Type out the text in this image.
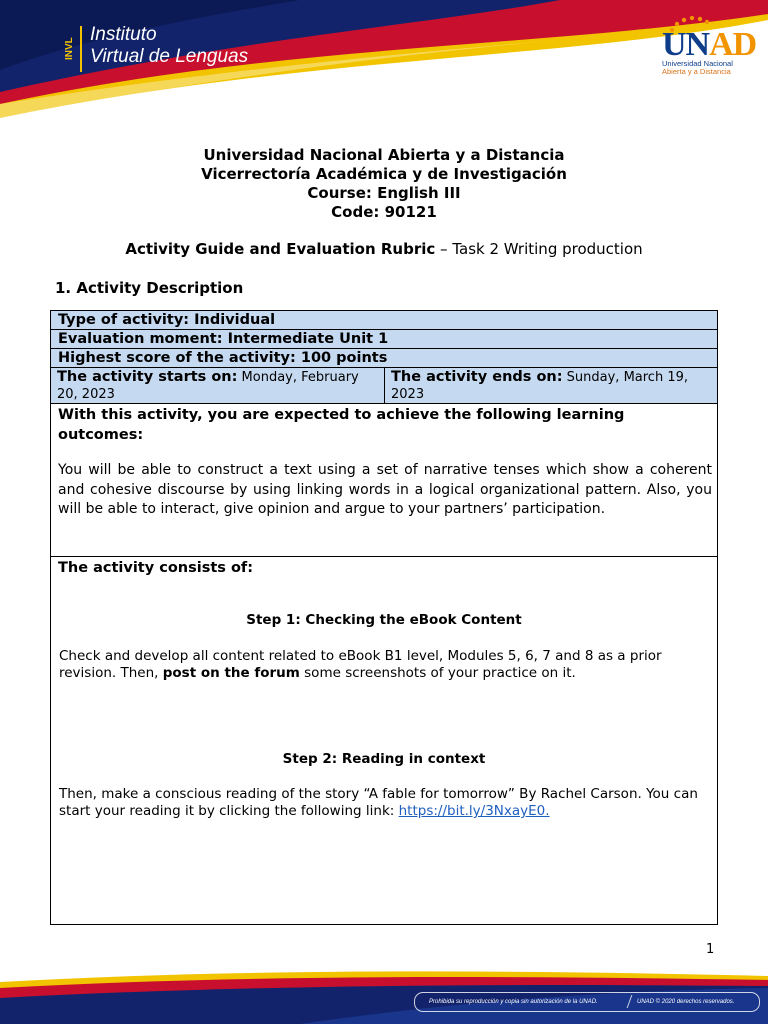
INVL
Instituto
Virtual de Lenguas	UNAD
Universidad Nacional
Abierta y a Distancia
Universidad Nacional Abierta y a Distancia
Vicerrectoría Académica y de Investigación
Course: English III
Code: 90121
Activity Guide and Evaluation Rubric – Task 2 Writing production
1. Activity Description
Type of activity: Individual
Evaluation moment: Intermediate Unit 1
Highest score of the activity: 100 points
The activity starts on: Monday, February 20, 2023
The activity ends on: Sunday, March 19, 2023
With this activity, you are expected to achieve the following learning outcomes:
You will be able to construct a text using a set of narrative tenses which show a coherent and cohesive discourse by using linking words in a logical organizational pattern. Also, you will be able to interact, give opinion and argue to your partners’ participation.
The activity consists of:
Step 1: Checking the eBook Content
Check and develop all content related to eBook B1 level, Modules 5, 6, 7 and 8 as a prior revision. Then, post on the forum some screenshots of your practice on it.
Step 2: Reading in context
Then, make a conscious reading of the story “A fable for tomorrow” By Rachel Carson. You can start your reading it by clicking the following link: https://bit.ly/3NxayE0.
1
Prohibida su reproducción y copia sin autorización de la UNAD.	UNAD © 2020 derechos reservados.
